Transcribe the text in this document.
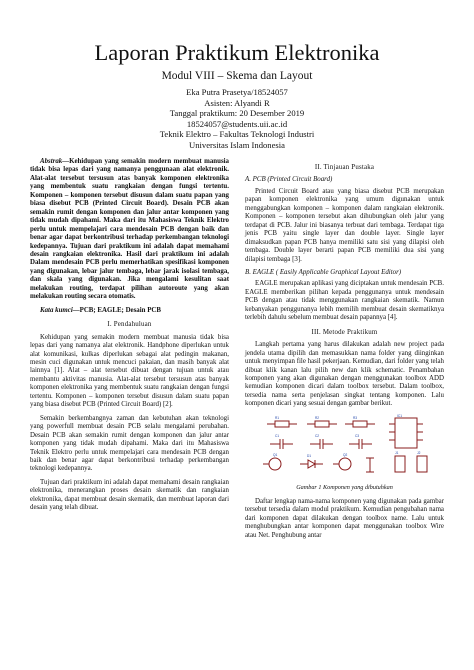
Laporan Praktikum Elektronika
Modul VIII – Skema dan Layout
Eka Putra Prasetya/18524057
Asisten: Alyandi R
Tanggal praktikum: 20 Desember 2019
18524057@students.uii.ac.id
Teknik Elektro – Fakultas Teknologi Industri
Universitas Islam Indonesia

Abstrak—Kehidupan yang semakin modern membuat manusia tidak bisa lepas dari yang namanya penggunaan alat elektronik. Alat-alat tersebut tersusun atas banyak komponen elektronika yang membentuk suatu rangkaian dengan fungsi tertentu. Komponen – komponen tersebut disusun dalam suatu papan yang biasa disebut PCB (Printed Circuit Board). Desain PCB akan semakin rumit dengan komponen dan jalur antar komponen yang tidak mudah dipahami. Maka dari itu Mahasiswa Teknik Elektro perlu untuk mempelajari cara mendesain PCB dengan baik dan benar agar dapat berkontribusi terhadap perkembangan teknologi kedepannya. Tujuan dari praktikum ini adalah dapat memahami desain rangkaian elektronika. Hasil dari praktikum ini adalah Dalam mendesain PCB perlu memerhatikan spesifikasi komponen yang digunakan, lebar jalur tembaga, lebar jarak isolasi tembaga, dan skala yang digunakan. Jika mengalami kesulitan saat melakukan routing, terdapat pilihan autoroute yang akan melakukan routing secara otomatis.

Kata kumci—PCB; EAGLE; Desain PCB

I. Pendahuluan

Kehidupan yang semakin modern membuat manusia tidak bisa lepas dari yang namanya alat elektronik. Handphone diperlukan untuk alat komunikasi, kulkas diperlukan sebagai alat pedingin makanan, mesin cuci digunakan untuk mencuci pakaian, dan masih banyak alat lainnya [1]. Alat – alat tersebut dibuat dengan tujuan untuk atau membantu aktivitas manusia. Alat-alat tersebut tersusun atas banyak komponen elektronika yang membentuk suatu rangkaian dengan fungsi tertentu. Komponen – komponen tersebut disusun dalam suatu papan yang biasa disebut PCB (Printed Circuit Board) [2].

Semakin berkembangnya zaman dan kebutuhan akan teknologi yang powerfull membuat desain PCB selalu mengalami perubahan. Desain PCB akan semakin rumit dengan komponen dan jalur antar komponen yang tidak mudah dipahami. Maka dari itu Mahasiswa Teknik Elektro perlu untuk mempelajari cara mendesain PCB dengan baik dan benar agar dapat berkontribusi terhadap perkembangan teknologi kedepannya.

Tujuan dari praktikum ini adalah dapat memahami desain rangkaian elektronika, menerangkan proses desain skematik dan rangkaian elektronika, dapat membuat desain skematik, dan membuat laporan dari desain yang telah dibuat.

II. Tinjauan Pustaka
A. PCB (Printed Circuit Board)

Printed Circuit Board atau yang biasa disebut PCB merupakan papan komponen elektronika yang umum digunakan untuk menggabungkan komponen – komponen dalam rangkaian elektronik. Komponen – komponen tersebut akan dihubungkan oleh jalur yang terdapat di PCB. Jalur ini biasanya terbuat dari tembaga. Terdapat tiga jenis PCB yaitu single layer dan double layer. Single layer dimaksudkan papan PCB hanya memiliki satu sisi yang dilapisi oleh tembaga. Double layer berarti papan PCB memiliki dua sisi yang dilapisi tembaga [3].

B. EAGLE ( Easily Applicable Graphical Layout Editor)

EAGLE merupakan aplikasi yang diciptakan untuk mendesain PCB. EAGLE memberikan pilihan kepada penggunanya untuk mendesain PCB dengan atau tidak menggunakan rangkaian skematik. Namun kebanyakan penggunanya lebih memilih membuat desain skematiknya terlebih dahulu sebelum membuat desain papannya [4].

III. Metode Praktikum

Langkah pertama yang harus dilakukan adalah new project pada jendela utama dipilih dan memasukkan nama folder yang diinginkan untuk menyimpan file hasil pekerjaan. Kemudian, dari folder yang telah dibuat klik kanan lalu pilih new dan klik schematic. Penambahan komponen yang akan digunakan dengan menggunakan toolbox ADD kemudian komponen dicari dalam toolbox tersebut. Dalam toolbox, tersedia nama serta penjelasan singkat tentang komponen. Lalu komponen dicari yang sesuai dengan gambar berikut.

R1	R2	R3	IC1
C1	C2	C3
Q1	D1	Q2	J1	J2
Gambar 1 Komponen yang dibutuhkan

Daftar lengkap nama-nama komponen yang digunakan pada gambar tersebut tersedia dalam modul praktikum. Kemudian pengubahan nama dari komponen dapat dilakukan dengan toolbox name. Lalu untuk menghubungkan antar komponen dapat menggunakan toolbox Wire atau Net. Penghubung antar
